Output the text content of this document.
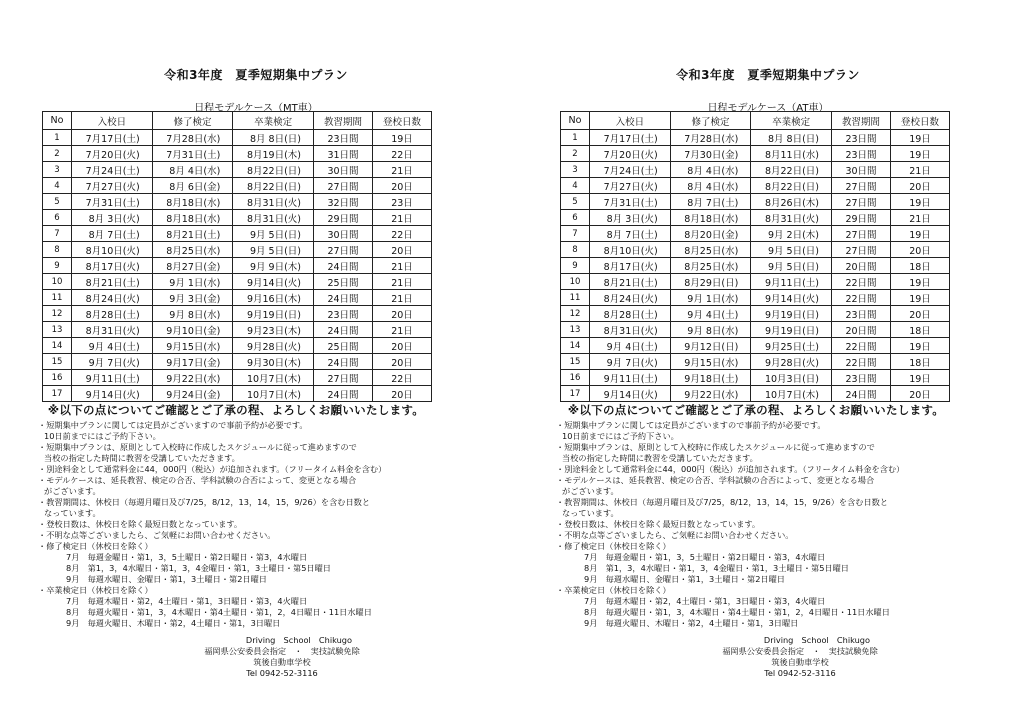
令和3年度　夏季短期集中プラン
日程モデルケース（MT車）
No	入校日	修了検定	卒業検定	教習期間	登校日数
1	7月17日(土)	7月28日(水)	8月 8日(日)	23日間	19日
2	7月20日(火)	7月31日(土)	8月19日(木)	31日間	22日
3	7月24日(土)	8月 4日(水)	8月22日(日)	30日間	21日
4	7月27日(火)	8月 6日(金)	8月22日(日)	27日間	20日
5	7月31日(土)	8月18日(水)	8月31日(火)	32日間	23日
6	8月 3日(火)	8月18日(水)	8月31日(火)	29日間	21日
7	8月 7日(土)	8月21日(土)	9月 5日(日)	30日間	22日
8	8月10日(火)	8月25日(水)	9月 5日(日)	27日間	20日
9	8月17日(火)	8月27日(金)	9月 9日(木)	24日間	21日
10	8月21日(土)	9月 1日(水)	9月14日(火)	25日間	21日
11	8月24日(火)	9月 3日(金)	9月16日(木)	24日間	21日
12	8月28日(土)	9月 8日(水)	9月19日(日)	23日間	20日
13	8月31日(火)	9月10日(金)	9月23日(木)	24日間	21日
14	9月 4日(土)	9月15日(水)	9月28日(火)	25日間	20日
15	9月 7日(火)	9月17日(金)	9月30日(木)	24日間	20日
16	9月11日(土)	9月22日(水)	10月7日(木)	27日間	22日
17	9月14日(火)	9月24日(金)	10月7日(木)	24日間	20日
※以下の点についてご確認とご了承の程、よろしくお願いいたします。
・短期集中プランに関しては定員がございますので事前予約が必要です。
10日前までにはご予約下さい。
・短期集中プランは、原則として入校時に作成したスケジュールに従って進めますので
当校の指定した時間に教習を受講していただきます。
・別途料金として通常料金に44，000円（税込）が追加されます。（フリータイム料金を含む）
・モデルケースは、延長教習、検定の合否、学科試験の合否によって、変更となる場合
がございます。
・教習期間は、休校日（毎週月曜日及び7/25，8/12，13，14，15，9/26）を含む日数と
なっています。
・登校日数は、休校日を除く最短日数となっています。
・不明な点等ございましたら、ご気軽にお問い合わせください。
・修了検定日（休校日を除く）
7月　毎週金曜日・第1，3，5土曜日・第2日曜日・第3，4水曜日
8月　第1，3，4水曜日・第1，3，4金曜日・第1，3土曜日・第5日曜日
9月　毎週水曜日、金曜日・第1，3土曜日・第2日曜日
・卒業検定日（休校日を除く）
7月　毎週木曜日・第2，4土曜日・第1，3日曜日・第3，4火曜日
8月　毎週火曜日・第1，3，4木曜日・第4土曜日・第1，2，4日曜日・11日水曜日
9月　毎週火曜日、木曜日・第2，4土曜日・第1，3日曜日
Driving　School　Chikugo
福岡県公安委員会指定　・　実技試験免除
筑後自動車学校
Tel 0942-52-3116
令和3年度　夏季短期集中プラン
日程モデルケース（AT車）
No	入校日	修了検定	卒業検定	教習期間	登校日数
1	7月17日(土)	7月28日(水)	8月 8日(日)	23日間	19日
2	7月20日(火)	7月30日(金)	8月11日(水)	23日間	19日
3	7月24日(土)	8月 4日(水)	8月22日(日)	30日間	21日
4	7月27日(火)	8月 4日(水)	8月22日(日)	27日間	20日
5	7月31日(土)	8月 7日(土)	8月26日(木)	27日間	19日
6	8月 3日(火)	8月18日(水)	8月31日(火)	29日間	21日
7	8月 7日(土)	8月20日(金)	9月 2日(木)	27日間	19日
8	8月10日(火)	8月25日(水)	9月 5日(日)	27日間	20日
9	8月17日(火)	8月25日(水)	9月 5日(日)	20日間	18日
10	8月21日(土)	8月29日(日)	9月11日(土)	22日間	19日
11	8月24日(火)	9月 1日(水)	9月14日(火)	22日間	19日
12	8月28日(土)	9月 4日(土)	9月19日(日)	23日間	20日
13	8月31日(火)	9月 8日(水)	9月19日(日)	20日間	18日
14	9月 4日(土)	9月12日(日)	9月25日(土)	22日間	19日
15	9月 7日(火)	9月15日(水)	9月28日(火)	22日間	18日
16	9月11日(土)	9月18日(土)	10月3日(日)	23日間	19日
17	9月14日(火)	9月22日(水)	10月7日(木)	24日間	20日
※以下の点についてご確認とご了承の程、よろしくお願いいたします。
・短期集中プランに関しては定員がございますので事前予約が必要です。
10日前までにはご予約下さい。
・短期集中プランは、原則として入校時に作成したスケジュールに従って進めますので
当校の指定した時間に教習を受講していただきます。
・別途料金として通常料金に44，000円（税込）が追加されます。（フリータイム料金を含む）
・モデルケースは、延長教習、検定の合否、学科試験の合否によって、変更となる場合
がございます。
・教習期間は、休校日（毎週月曜日及び7/25，8/12，13，14，15，9/26）を含む日数と
なっています。
・登校日数は、休校日を除く最短日数となっています。
・不明な点等ございましたら、ご気軽にお問い合わせください。
・修了検定日（休校日を除く）
7月　毎週金曜日・第1，3，5土曜日・第2日曜日・第3，4水曜日
8月　第1，3，4水曜日・第1，3，4金曜日・第1，3土曜日・第5日曜日
9月　毎週水曜日、金曜日・第1，3土曜日・第2日曜日
・卒業検定日（休校日を除く）
7月　毎週木曜日・第2，4土曜日・第1，3日曜日・第3，4火曜日
8月　毎週火曜日・第1，3，4木曜日・第4土曜日・第1，2，4日曜日・11日水曜日
9月　毎週火曜日、木曜日・第2，4土曜日・第1，3日曜日
Driving　School　Chikugo
福岡県公安委員会指定　・　実技試験免除
筑後自動車学校
Tel 0942-52-3116
